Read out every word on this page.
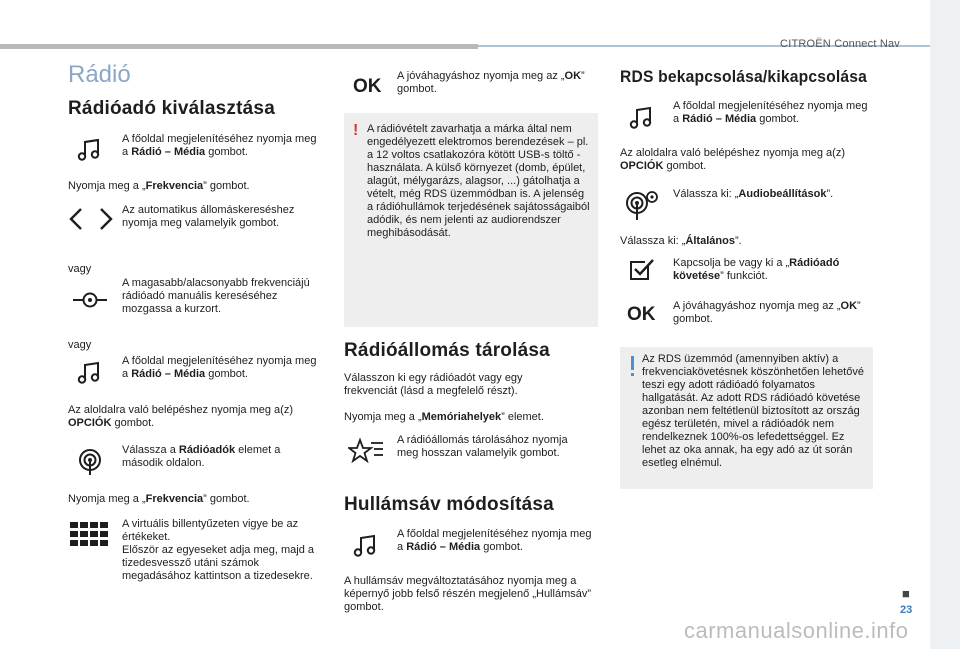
CITROËN Connect Nav
■
23
carmanualsonline.info
Rádió
Rádióadó kiválasztása
A főoldal megjelenítéséhez nyomja meg a Rádió – Média gombot.
Nyomja meg a „Frekvencia” gombot.
Az automatikus állomáskereséshez nyomja meg valamelyik gombot.
vagy
A magasabb/alacsonyabb frekvenciájú rádióadó manuális kereséséhez mozgassa a kurzort.
vagy
A főoldal megjelenítéséhez nyomja meg a Rádió – Média gombot.
Az aloldalra való belépéshez nyomja meg a(z) OPCIÓK gombot.
Válassza a Rádióadók elemet a második oldalon.
Nyomja meg a „Frekvencia” gombot.
A virtuális billentyűzeten vigye be az értékeket.
Először az egyeseket adja meg, majd a tizedesvessző utáni számok megadásához kattintson a tizedesekre.
OK A jóváhagyáshoz nyomja meg az „OK” gombot.
! A rádióvételt zavarhatja a márka által nem engedélyezett elektromos berendezések – pl. a 12 voltos csatlakozóra kötött USB-s töltő -használata. A külső környezet (domb, épület, alagút, mélygarázs, alagsor, ...) gátolhatja a vételt, még RDS üzemmódban is. A jelenség a rádióhullámok terjedésének sajátosságaiból adódik, és nem jelenti az audiorendszer meghibásodását.
Rádióállomás tárolása
Válasszon ki egy rádióadót vagy egy frekvenciát (lásd a megfelelő részt).
Nyomja meg a „Memóriahelyek” elemet.
A rádióállomás tárolásához nyomja meg hosszan valamelyik gombot.
Hullámsáv módosítása
A főoldal megjelenítéséhez nyomja meg a Rádió – Média gombot.
A hullámsáv megváltoztatásához nyomja meg a képernyő jobb felső részén megjelenő „Hullámsáv” gombot.
RDS bekapcsolása/kikapcsolása
A főoldal megjelenítéséhez nyomja meg a Rádió – Média gombot.
Az aloldalra való belépéshez nyomja meg a(z) OPCIÓK gombot.
Válassza ki: „Audiobeállítások”.
Válassza ki: „Általános”.
Kapcsolja be vagy ki a „Rádióadó követése” funkciót.
OK A jóváhagyáshoz nyomja meg az „OK” gombot.
Az RDS üzemmód (amennyiben aktív) a frekvenciakövetésnek köszönhetően lehetővé teszi egy adott rádióadó folyamatos hallgatását. Az adott RDS rádióadó követése azonban nem feltétlenül biztosított az ország egész területén, mivel a rádióadók nem rendelkeznek 100%-os lefedettséggel. Ez lehet az oka annak, ha egy adó az út során esetleg elnémul.
